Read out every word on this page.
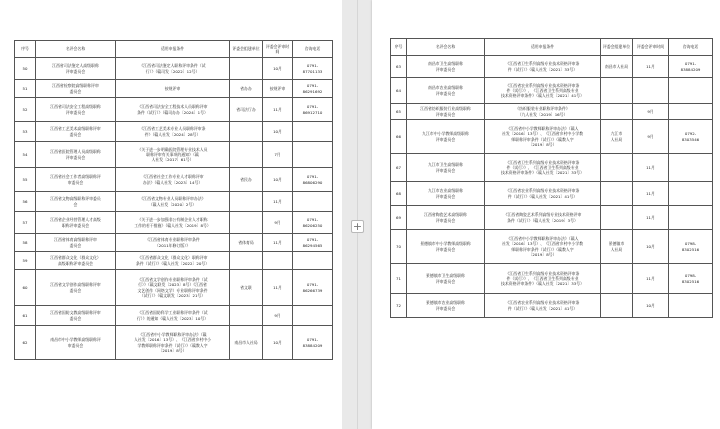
序号	名评会名称	适用申报条件	评委会组建单位	评委会评审时间	咨询电话
50	江西省司法鉴定人高级职称
评审委员会	《江西省司法鉴定人职称评审条件（试
行）》（赣司发〔2022〕12号）		10月	0791-
87701133
51	江西省检察院高级职称评审
委员会	按规评审	省办办	按规评审	0791-
86291692
52	江西省司法安全工程高级职称
评审委员会	《江西省司法安全工程技术人员职称评审
条件（试行）》（赣司办办〔2024〕1号）	省司法厅办	11月	0791-
86912710
53	江西省工艺美术高级职称评审
委员会	《江西省工艺美术专业人员职称评审条
件》（赣人社发〔2024〕28号）		10月	
54	江西省医院管理人员高级职称
评审委员会	《关于进一步明确医院管理专业技术人员
职称评审有关事项的通知》（赣
人社发〔2017〕61号）		7月	
55	江西省社会工作者高级职称评
审委员会	《江西省社会工作专业人才职称评审
办法》（赣人社发〔2023〕14号）	省民办	10月	0791-
86806290
56	江西省文物高级职称评审委员
会	《江西省文物专业人员职称评审办法》
（赣人社发〔2020〕2号）		11月	
57	江西省企业经营管理人才高级
职称评审委员会	《关于进一步加强非公有制企业人才职称
工作的若干措施》（赣人社发〔2019〕8号）		9月	0791-
86206250
58	江西省体育高级职称评审
委员会	《江西省体育专业职称评审条件
（2011年修订版）》	省体育局	11月	0791-
86294565
59	江西省群众文化（群众文化）
高级职称评审委员会	《江西省群众文化（群众文化）职称评审
条件（试行）》（赣人社发〔2022〕20号）			
60	江西省文学创作高级职称评审
委员会	《江西省文学创作专业职称评审条件（试
行）》（赣文联发〔2023〕8号）《江西省
文艺创作（网络文学）专业职称评审条件
（试行）》（赣文联发〔2023〕21号）	省文联	11月	0791-
86266739
61	江西省国防文教高级职称评审
委员会	《江西省国防科学工业职称评审条件（试
行）》的通知（赣人社发〔2023〕10号）		9月	
62	南昌市中小学教师高级职称评
审委员会	《江西省中小学教师职称评审办法》（赣
人社发〔2016〕13号）、《江西省乡村中小
学教师职称评审条件（试行）》（赣教人字
〔2019〕8号）	南昌市人社局	10月	0791-
83884209
+
序号	名评会名称	适用申报条件	评委会组建单位	评委会评审时间	咨询电话
63	南昌市卫生高级职称
评审委员会	《江西省卫生系列高级专业技术资格评审条
件（试行）》（赣人社发〔2021〕33号）	南昌市人社局	11月	0791-
83884209
64	南昌市农业高级职称
评审委员会	《江西省农业系列高级专业技术资格评审条
件（试行）》、《江西省卫生系列高级专业
技术资格评审条件》（赣人社发〔2021〕41号）			
65	江西省纺织服装行业高级职称
评审委员会	《纺织服装专业职称评审条件》
（九人社发〔2019〕16号）		9月	
66	九江市中小学教师高级职称
评审委员会	《江西省中小学教师职称评审办法》（赣人
社发〔2016〕13号）、《江西省乡村中小学教
师职称评审条件（试行）》（赣教人字
〔2019〕8号）	九江市
人社局	9月	0792-
8303546
67	九江市卫生高级职称
评审委员会	《江西省卫生系列高级专业技术资格评审条
件（试行）》、《江西省卫生系列高级专业
技术资格评审条件》（赣人社发〔2021〕33号）		11月	
68	九江市农业高级职称
评审委员会	《江西省农业系列高级专业技术资格评审条
件（试行）》（赣人社发〔2021〕41号）		11月	
69	江西省陶瓷艺术高级职称
评审委员会	《江西省陶瓷艺术系列高级专业技术资格评审
条件（试行）》（赣人社发〔2019〕3号）		11月	
70	景德镇市中小学教师高级职称
评审委员会	《江西省中小学教师职称评审办法》（赣人
社发〔2016〕13号）、《江西省乡村中小学教
师职称评审条件（试行）》（赣教人字
〔2019〕8号）	景德镇市
人社局	10月	0798-
8302516
71	景德镇市卫生高级职称
评审委员会	《江西省卫生系列高级专业技术资格评审条
件（试行）》、《江西省卫生系列高级专业
技术资格评审条件》（赣人社发〔2021〕33号）		11月	0798-
8302516
72	景德镇市农业高级职称
评审委员会	《江西省农业系列高级专业技术资格评审条
件（试行）》（赣人社发〔2021〕41号）		10月	
